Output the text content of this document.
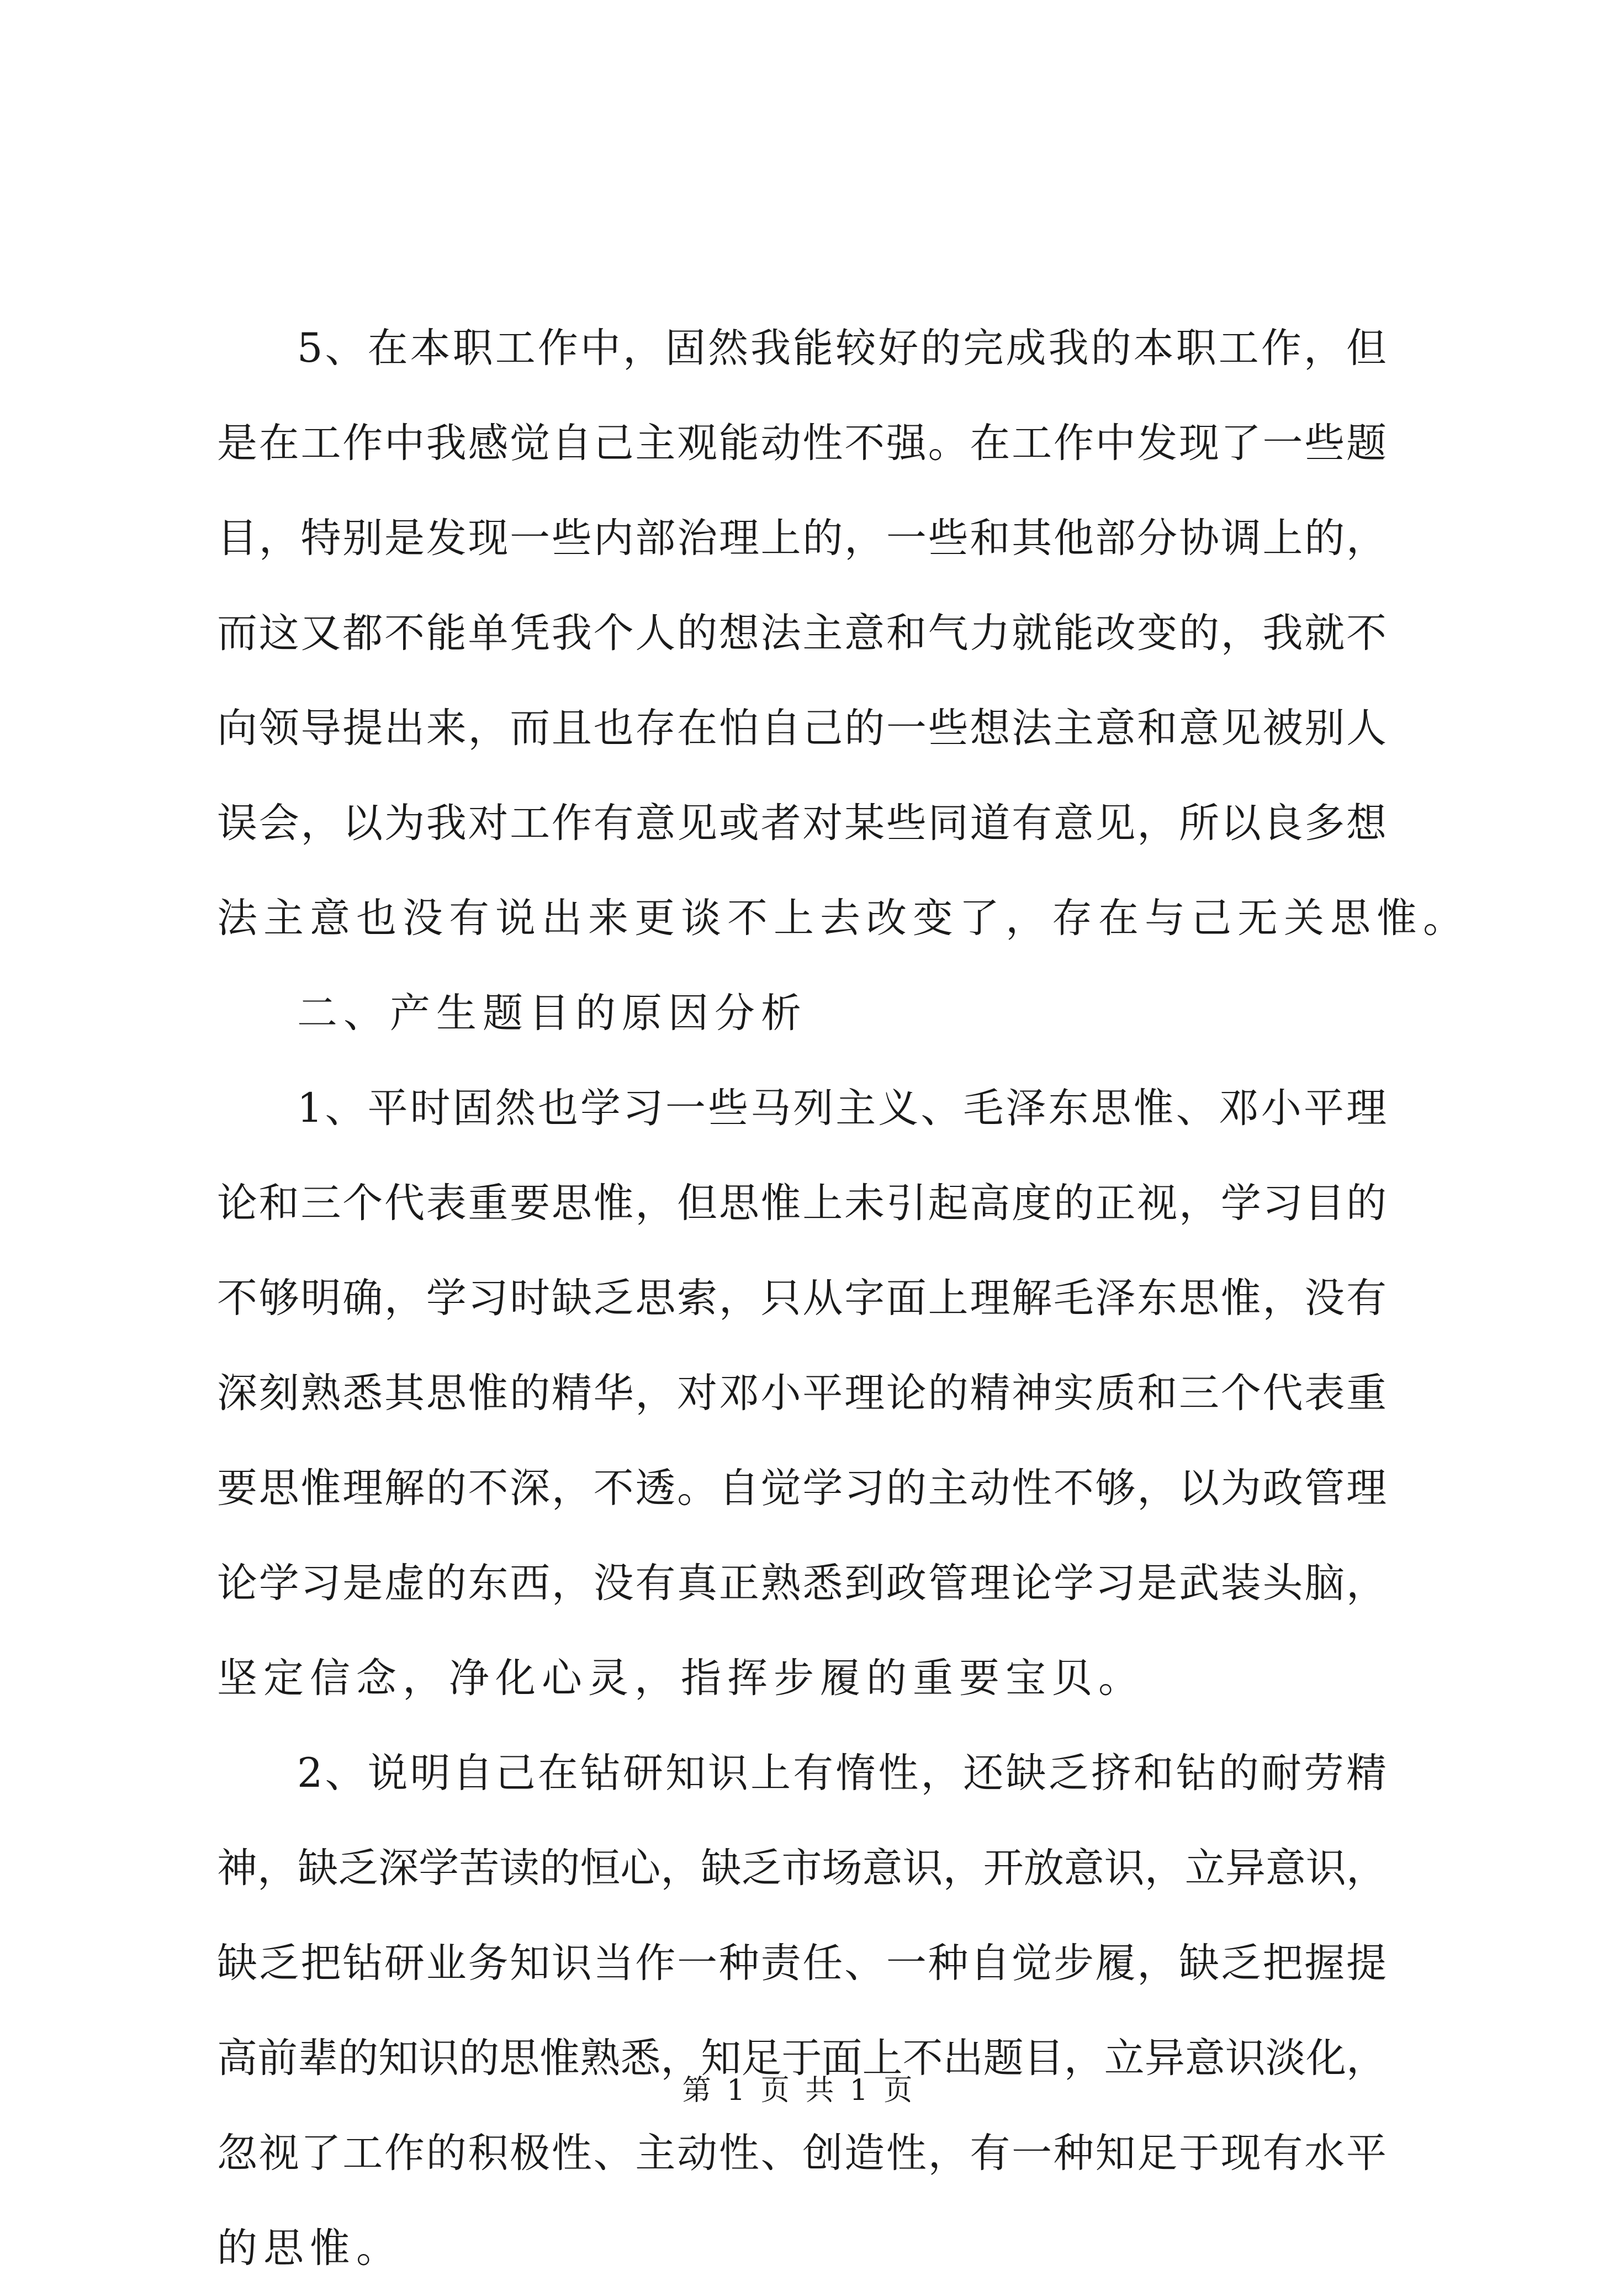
5、在本职工作中，固然我能较好的完成我的本职工作，但
是在工作中我感觉自己主观能动性不强。在工作中发现了一些题
目，特别是发现一些内部治理上的，一些和其他部分协调上的，
而这又都不能单凭我个人的想法主意和气力就能改变的，我就不
向领导提出来，而且也存在怕自己的一些想法主意和意见被别人
误会，以为我对工作有意见或者对某些同道有意见，所以良多想
法主意也没有说出来更谈不上去改变了，存在与己无关思惟。
二、产生题目的原因分析
1、平时固然也学习一些马列主义、毛泽东思惟、邓小平理
论和三个代表重要思惟，但思惟上未引起高度的正视，学习目的
不够明确，学习时缺乏思索，只从字面上理解毛泽东思惟，没有
深刻熟悉其思惟的精华，对邓小平理论的精神实质和三个代表重
要思惟理解的不深，不透。自觉学习的主动性不够，以为政管理
论学习是虚的东西，没有真正熟悉到政管理论学习是武装头脑，
坚定信念，净化心灵，指挥步履的重要宝贝。
2、说明自己在钻研知识上有惰性，还缺乏挤和钻的耐劳精
神，缺乏深学苦读的恒心，缺乏市场意识，开放意识，立异意识，
缺乏把钻研业务知识当作一种责任、一种自觉步履，缺乏把握提
高前辈的知识的思惟熟悉，知足于面上不出题目，立异意识淡化，
忽视了工作的积极性、主动性、创造性，有一种知足于现有水平
的思惟。
第 1 页 共 1 页
